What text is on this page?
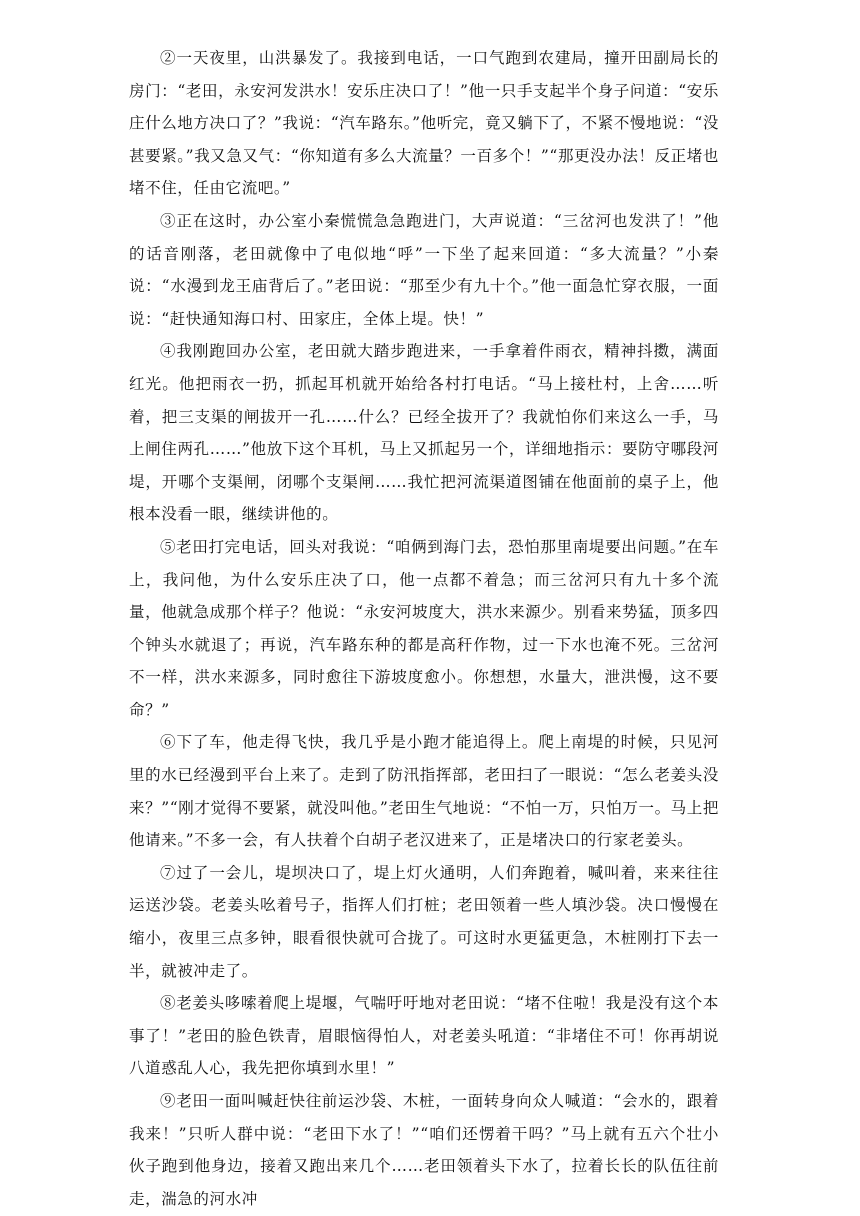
②一天夜里，山洪暴发了。我接到电话，一口气跑到农建局，撞开田副局长的房门：“老田，永安河发洪水！安乐庄决口了！”他一只手支起半个身子问道：“安乐庄什么地方决口了？”我说：“汽车路东。”他听完，竟又躺下了，不紧不慢地说：“没甚要紧。”我又急又气：“你知道有多么大流量？一百多个！”“那更没办法！反正堵也堵不住，任由它流吧。”

③正在这时，办公室小秦慌慌急急跑进门，大声说道：“三岔河也发洪了！”他的话音刚落，老田就像中了电似地“呼”一下坐了起来回道：“多大流量？”小秦说：“水漫到龙王庙背后了。”老田说：“那至少有九十个。”他一面急忙穿衣服，一面说：“赶快通知海口村、田家庄，全体上堤。快！”

④我刚跑回办公室，老田就大踏步跑进来，一手拿着件雨衣，精神抖擞，满面红光。他把雨衣一扔，抓起耳机就开始给各村打电话。“马上接杜村，上舍……听着，把三支渠的闸拔开一孔……什么？已经全拔开了？我就怕你们来这么一手，马上闸住两孔……”他放下这个耳机，马上又抓起另一个，详细地指示：要防守哪段河堤，开哪个支渠闸，闭哪个支渠闸……我忙把河流渠道图铺在他面前的桌子上，他根本没看一眼，继续讲他的。

⑤老田打完电话，回头对我说：“咱俩到海门去，恐怕那里南堤要出问题。”在车上，我问他，为什么安乐庄决了口，他一点都不着急；而三岔河只有九十多个流量，他就急成那个样子？他说：“永安河坡度大，洪水来源少。别看来势猛，顶多四个钟头水就退了；再说，汽车路东种的都是高秆作物，过一下水也淹不死。三岔河不一样，洪水来源多，同时愈往下游坡度愈小。你想想，水量大，泄洪慢，这不要命？”

⑥下了车，他走得飞快，我几乎是小跑才能追得上。爬上南堤的时候，只见河里的水已经漫到平台上来了。走到了防汛指挥部，老田扫了一眼说：“怎么老姜头没来？”“刚才觉得不要紧，就没叫他。”老田生气地说：“不怕一万，只怕万一。马上把他请来。”不多一会，有人扶着个白胡子老汉进来了，正是堵决口的行家老姜头。

⑦过了一会儿，堤坝决口了，堤上灯火通明，人们奔跑着，喊叫着，来来往往运送沙袋。老姜头吆着号子，指挥人们打桩；老田领着一些人填沙袋。决口慢慢在缩小，夜里三点多钟，眼看很快就可合拢了。可这时水更猛更急，木桩刚打下去一半，就被冲走了。

⑧老姜头哆嗦着爬上堤堰，气喘吁吁地对老田说：“堵不住啦！我是没有这个本事了！”老田的脸色铁青，眉眼恼得怕人，对老姜头吼道：“非堵住不可！你再胡说八道惑乱人心，我先把你填到水里！”

⑨老田一面叫喊赶快往前运沙袋、木桩，一面转身向众人喊道：“会水的，跟着我来！”只听人群中说：“老田下水了！”“咱们还愣着干吗？”马上就有五六个壮小伙子跑到他身边，接着又跑出来几个……老田领着头下水了，拉着长长的队伍往前走，湍急的河水冲
